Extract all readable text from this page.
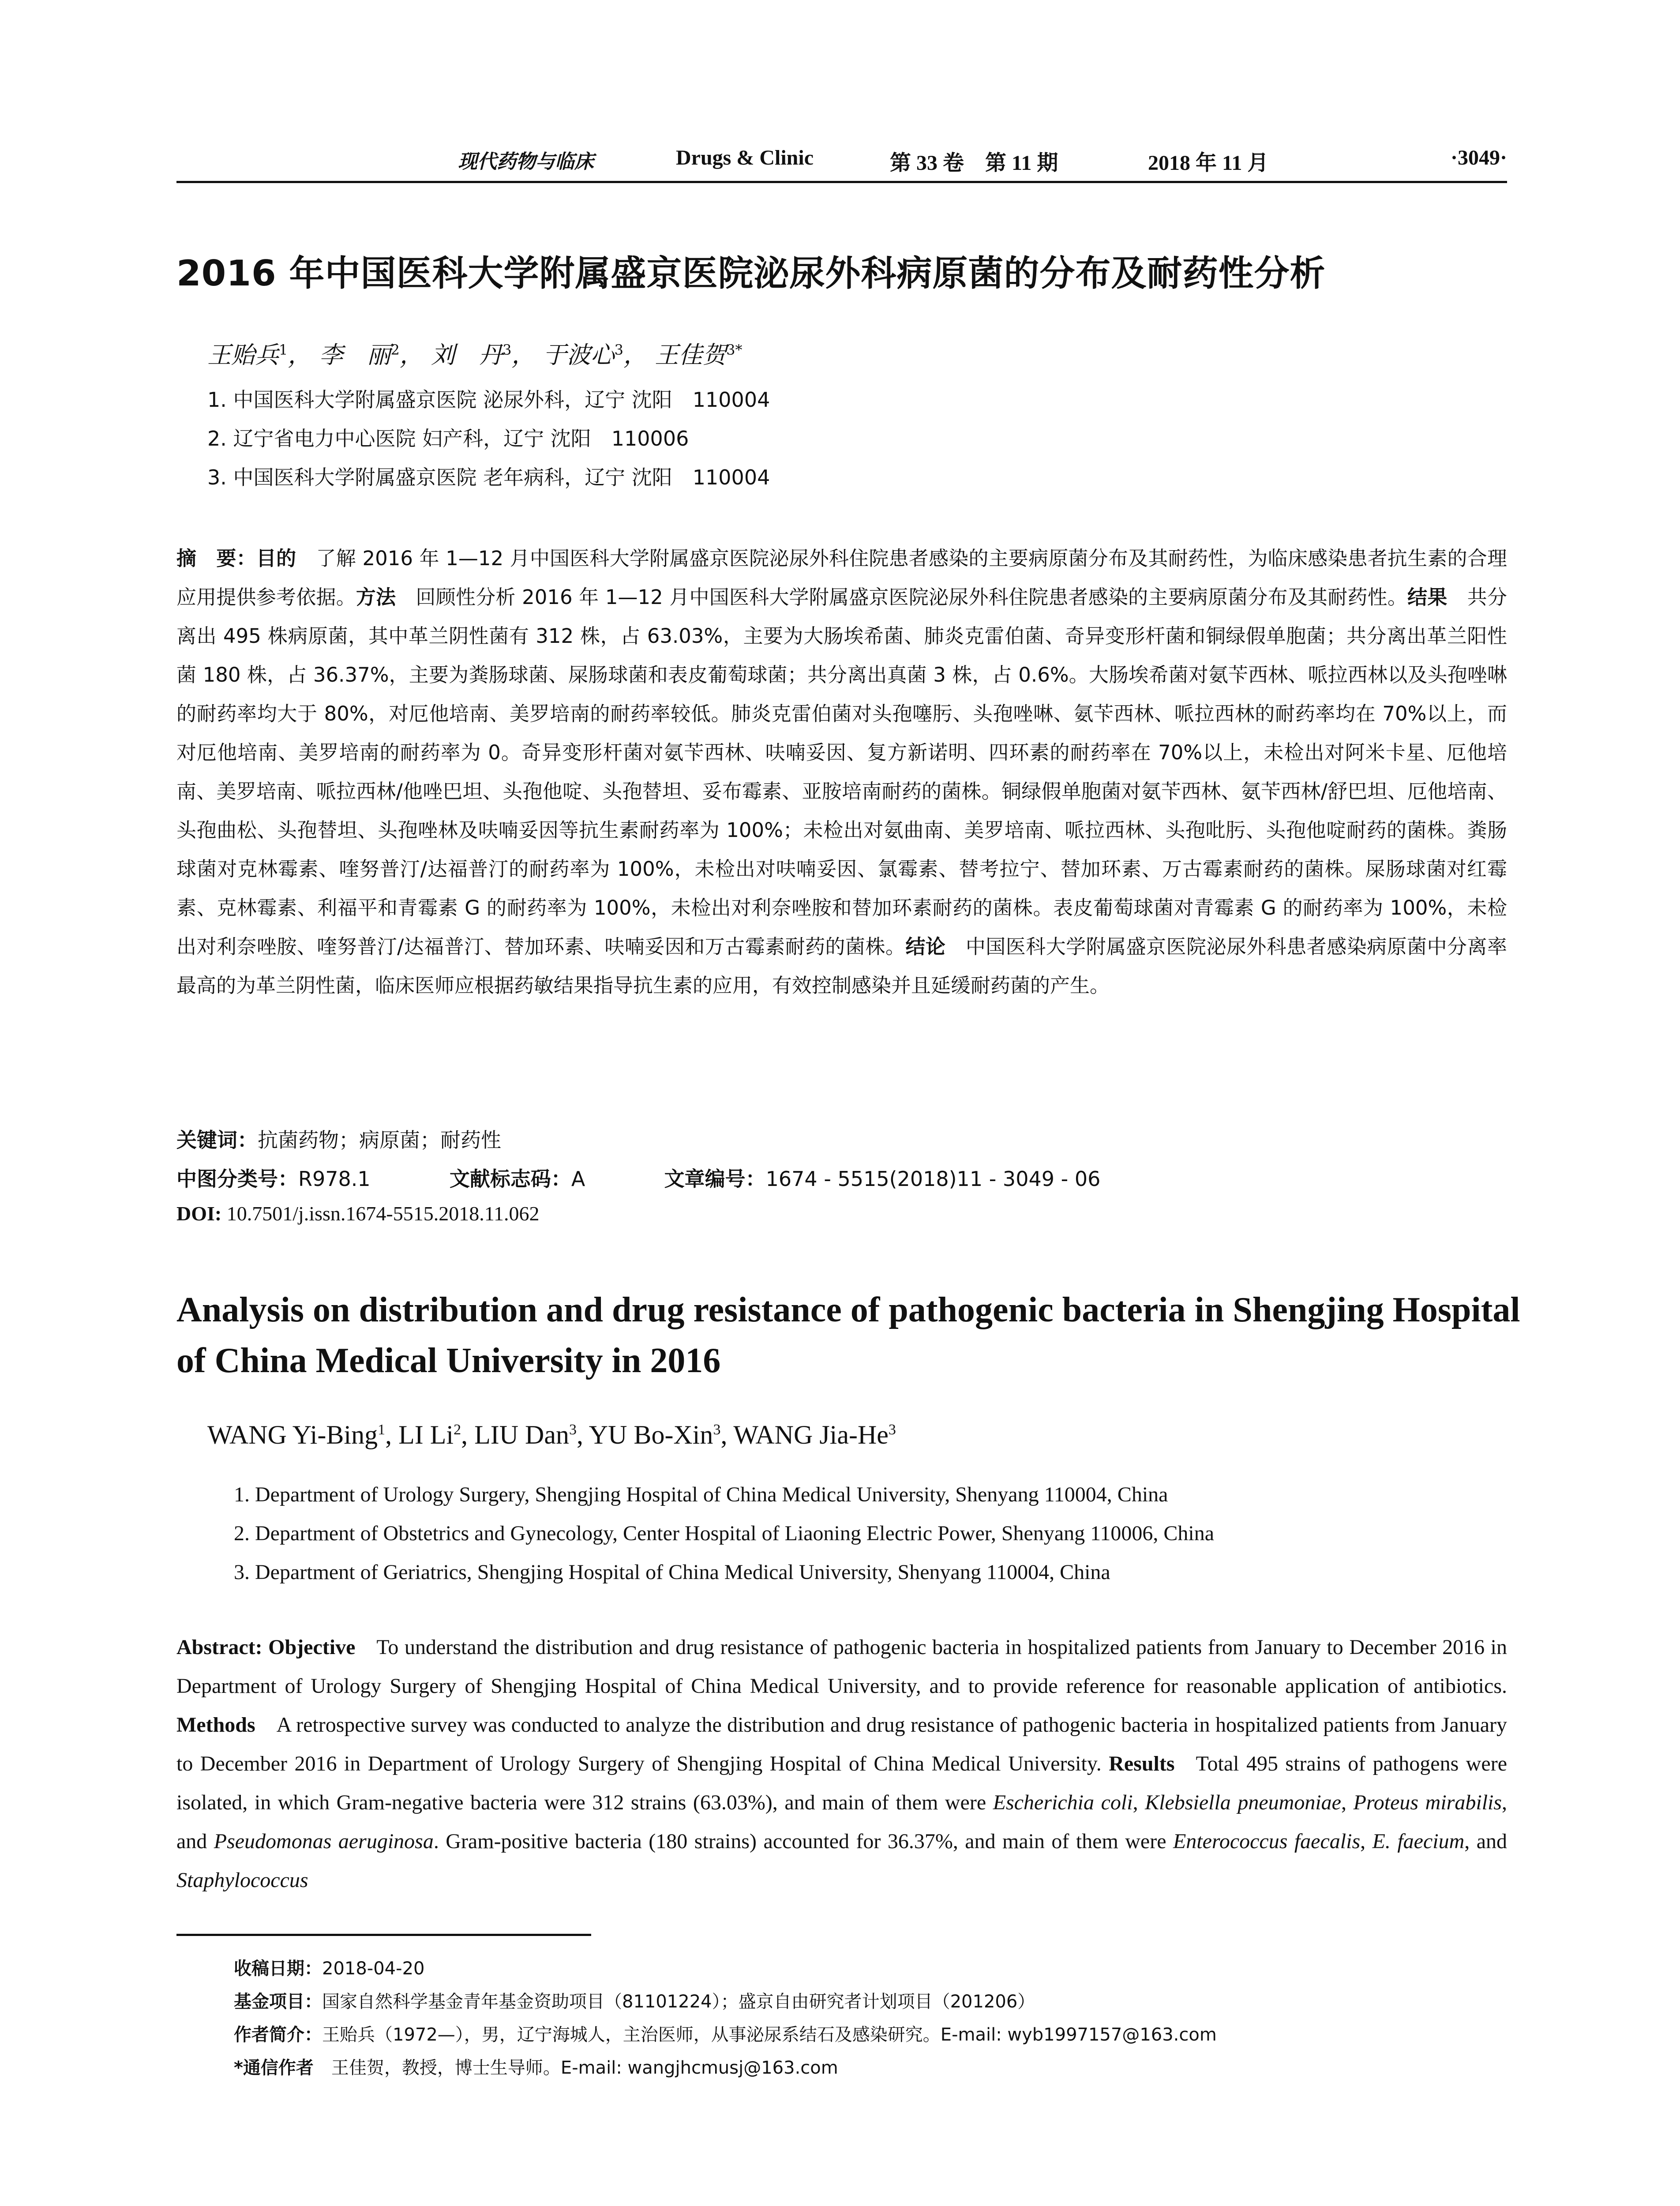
现代药物与临床	Drugs & Clinic	第 33 卷　第 11 期	2018 年 11 月	·3049·
2016 年中国医科大学附属盛京医院泌尿外科病原菌的分布及耐药性分析
王贻兵$^1$， 李　丽$^2$， 刘　丹$^3$， 于波心$^3$， 王佳贺$^{3*}$
1. 中国医科大学附属盛京医院 泌尿外科，辽宁 沈阳　110004
2. 辽宁省电力中心医院 妇产科，辽宁 沈阳　110006
3. 中国医科大学附属盛京医院 老年病科，辽宁 沈阳　110004
摘　要：目的  了解 2016 年 1—12 月中国医科大学附属盛京医院泌尿外科住院患者感染的主要病原菌分布及其耐药性，为临床感染患者抗生素的合理应用提供参考依据。方法  回顾性分析 2016 年 1—12 月中国医科大学附属盛京医院泌尿外科住院患者感染的主要病原菌分布及其耐药性。结果  共分离出 495 株病原菌，其中革兰阴性菌有 312 株，占 63.03%，主要为大肠埃希菌、肺炎克雷伯菌、奇异变形杆菌和铜绿假单胞菌；共分离出革兰阳性菌 180 株，占 36.37%，主要为粪肠球菌、屎肠球菌和表皮葡萄球菌；共分离出真菌 3 株，占 0.6%。大肠埃希菌对氨苄西林、哌拉西林以及头孢唑啉的耐药率均大于 80%，对厄他培南、美罗培南的耐药率较低。肺炎克雷伯菌对头孢噻肟、头孢唑啉、氨苄西林、哌拉西林的耐药率均在 70%以上，而对厄他培南、美罗培南的耐药率为 0。奇异变形杆菌对氨苄西林、呋喃妥因、复方新诺明、四环素的耐药率在 70%以上，未检出对阿米卡星、厄他培南、美罗培南、哌拉西林/他唑巴坦、头孢他啶、头孢替坦、妥布霉素、亚胺培南耐药的菌株。铜绿假单胞菌对氨苄西林、氨苄西林/舒巴坦、厄他培南、头孢曲松、头孢替坦、头孢唑林及呋喃妥因等抗生素耐药率为 100%；未检出对氨曲南、美罗培南、哌拉西林、头孢吡肟、头孢他啶耐药的菌株。粪肠球菌对克林霉素、喹努普汀/达福普汀的耐药率为 100%，未检出对呋喃妥因、氯霉素、替考拉宁、替加环素、万古霉素耐药的菌株。屎肠球菌对红霉素、克林霉素、利福平和青霉素 G 的耐药率为 100%，未检出对利奈唑胺和替加环素耐药的菌株。表皮葡萄球菌对青霉素 G 的耐药率为 100%，未检出对利奈唑胺、喹努普汀/达福普汀、替加环素、呋喃妥因和万古霉素耐药的菌株。结论  中国医科大学附属盛京医院泌尿外科患者感染病原菌中分离率最高的为革兰阴性菌，临床医师应根据药敏结果指导抗生素的应用，有效控制感染并且延缓耐药菌的产生。
关键词：抗菌药物；病原菌；耐药性
中图分类号：R978.1	文献标志码：A	文章编号：1674 - 5515(2018)11 - 3049 - 06
DOI: 10.7501/j.issn.1674-5515.2018.11.062
Analysis on distribution and drug resistance of pathogenic bacteria in Shengjing Hospital of China Medical University in 2016
WANG Yi-Bing$^1$, LI Li$^2$, LIU Dan$^3$, YU Bo-Xin$^3$, WANG Jia-He$^3$
1. Department of Urology Surgery, Shengjing Hospital of China Medical University, Shenyang 110004, China
2. Department of Obstetrics and Gynecology, Center Hospital of Liaoning Electric Power, Shenyang 110006, China
3. Department of Geriatrics, Shengjing Hospital of China Medical University, Shenyang 110004, China
Abstract: Objective  To understand the distribution and drug resistance of pathogenic bacteria in hospitalized patients from January to December 2016 in Department of Urology Surgery of Shengjing Hospital of China Medical University, and to provide reference for reasonable application of antibiotics. Methods  A retrospective survey was conducted to analyze the distribution and drug resistance of pathogenic bacteria in hospitalized patients from January to December 2016 in Department of Urology Surgery of Shengjing Hospital of China Medical University. Results  Total 495 strains of pathogens were isolated, in which Gram-negative bacteria were 312 strains (63.03%), and main of them were Escherichia coli, Klebsiella pneumoniae, Proteus mirabilis, and Pseudomonas aeruginosa. Gram-positive bacteria (180 strains) accounted for 36.37%, and main of them were Enterococcus faecalis, E. faecium, and Staphylococcus
收稿日期：2018-04-20
基金项目：国家自然科学基金青年基金资助项目（81101224）；盛京自由研究者计划项目（201206）
作者简介：王贻兵（1972—），男，辽宁海城人，主治医师，从事泌尿系结石及感染研究。E-mail: wyb1997157@163.com
*通信作者  王佳贺，教授，博士生导师。E-mail: wangjhcmusj@163.com
